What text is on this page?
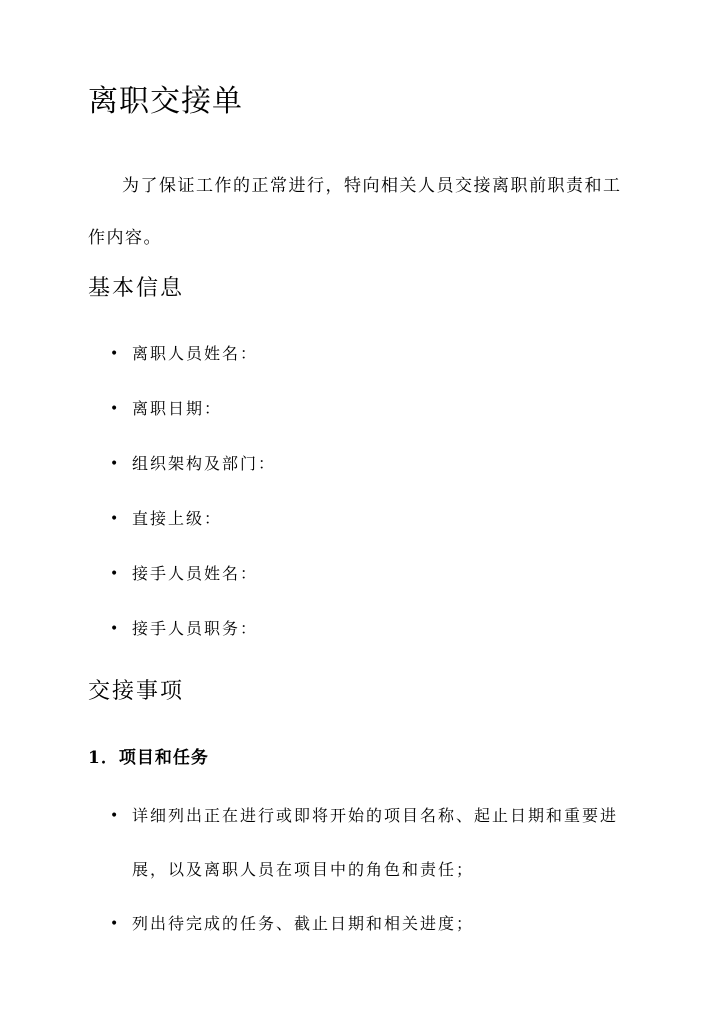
离职交接单

为了保证工作的正常进行，特向相关人员交接离职前职责和工作内容。

基本信息
• 离职人员姓名：
• 离职日期：
• 组织架构及部门：
• 直接上级：
• 接手人员姓名：
• 接手人员职务：
交接事项
1．项目和任务
• 详细列出正在进行或即将开始的项目名称、起止日期和重要进展，以及离职人员在项目中的角色和责任；
• 列出待完成的任务、截止日期和相关进度；
